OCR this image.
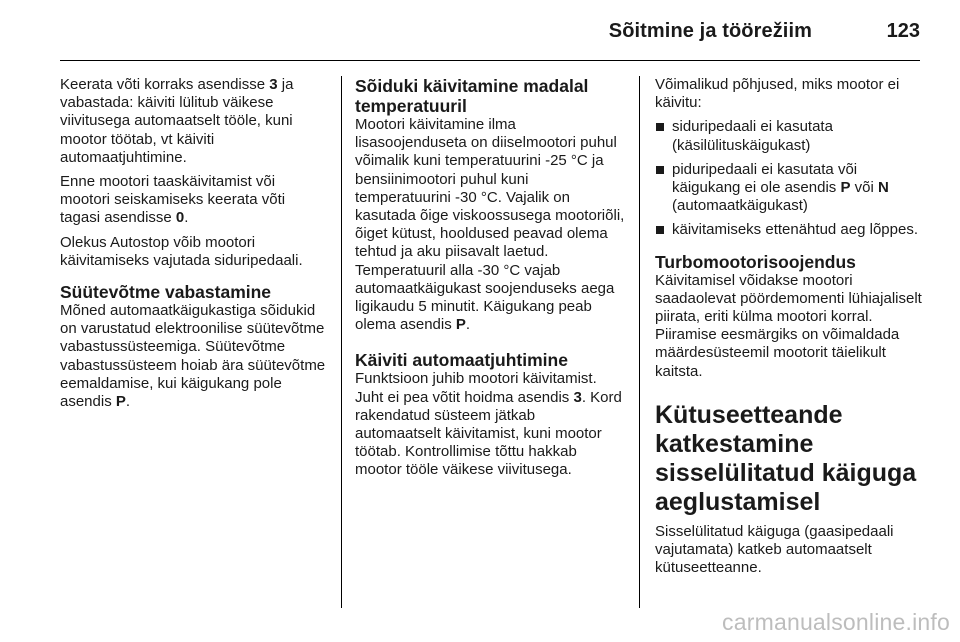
Sõitmine ja töörežiim	123

Keerata võti korraks asendisse 3 ja vabastada: käiviti lülitub väikese viivitusega automaatselt tööle, kuni mootor töötab, vt käiviti automaatjuhtimine.

Enne mootori taaskäivitamist või mootori seiskamiseks keerata võti tagasi asendisse 0.

Olekus Autostop võib mootori käivitamiseks vajutada siduripedaali.

Süütevõtme vabastamine

Mõned automaatkäigukastiga sõidukid on varustatud elektroonilise süütevõtme vabastussüsteemiga. Süütevõtme vabastussüsteem hoiab ära süütevõtme eemaldamise, kui käigukang pole asendis P.

Sõiduki käivitamine madalal temperatuuril

Mootori käivitamine ilma lisasoojenduseta on diiselmootori puhul võimalik kuni temperatuurini -25 °C ja bensiinimootori puhul kuni temperatuurini -30 °C. Vajalik on kasutada õige viskoossusega mootoriõli, õiget kütust, hooldused peavad olema tehtud ja aku piisavalt laetud. Temperatuuril alla -30 °C vajab automaatkäigukast soojenduseks aega ligikaudu 5 minutit. Käigukang peab olema asendis P.

Käiviti automaatjuhtimine

Funktsioon juhib mootori käivitamist. Juht ei pea võtit hoidma asendis 3. Kord rakendatud süsteem jätkab automaatselt käivitamist, kuni mootor töötab. Kontrollimise tõttu hakkab mootor tööle väikese viivitusega.

Võimalikud põhjused, miks mootor ei käivitu:

siduripedaali ei kasutata (käsilülituskäigukast)
piduripedaali ei kasutata või käigukang ei ole asendis P või N (automaatkäigukast)
käivitamiseks ettenähtud aeg lõppes.
Turbomootorisoojendus

Käivitamisel võidakse mootori saadaolevat pöördemomenti lühiajaliselt piirata, eriti külma mootori korral. Piiramise eesmärgiks on võimaldada määrdesüsteemil mootorit täielikult kaitsta.

Kütuseetteande katkestamine sisselülitatud käiguga aeglustamisel

Sisselülitatud käiguga (gaasipedaali vajutamata) katkeb automaatselt kütuseetteanne.

carmanualsonline.info
